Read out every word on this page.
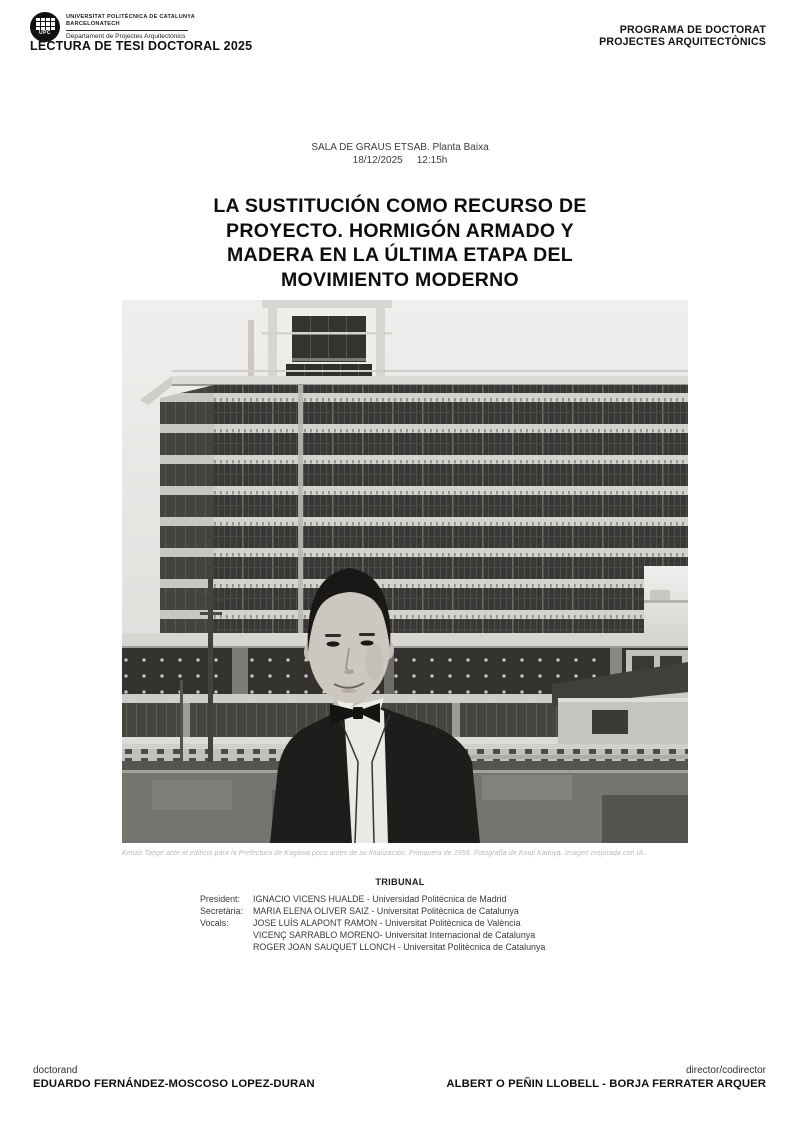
UPC
UNIVERSITAT POLITÈCNICA DE CATALUNYA
BARCELONATECH
Departament de Projectes Arquitectònics
LECTURA DE TESI DOCTORAL 2025
PROGRAMA DE DOCTORAT
PROJECTES ARQUITECTÒNICS
SALA DE GRAUS ETSAB. Planta Baixa
18/12/2025 12:15h
LA SUSTITUCIÓN COMO RECURSO DE
PROYECTO. HORMIGÓN ARMADO Y
MADERA EN LA ÚLTIMA ETAPA DEL
MOVIMIENTO MODERNO
Kenzo Tange ante el edificio para la Prefectura de Kagawa poco antes de su finalización. Primavera de 1958. Fotografía de Kouji Kamiya. Imagen mejorada con IA.
TRIBUNAL
President: IGNACIO VICENS HUALDE - Universidad Politécnica de Madrid
Secretària: MARIA ELENA OLIVER SAIZ - Universitat Politècnica de Catalunya
Vocals:	JOSE LUÍS ALAPONT RAMON - Universitat Politècnica de València
VICENÇ SARRABLO MORENO- Universitat Internacional de Catalunya
ROGER JOAN SAUQUET LLONCH - Universitat Politècnica de Catalunya
doctorand
EDUARDO FERNÁNDEZ-MOSCOSO LOPEZ-DURAN
director/codirector
ALBERT O PEÑIN LLOBELL - BORJA FERRATER ARQUER
